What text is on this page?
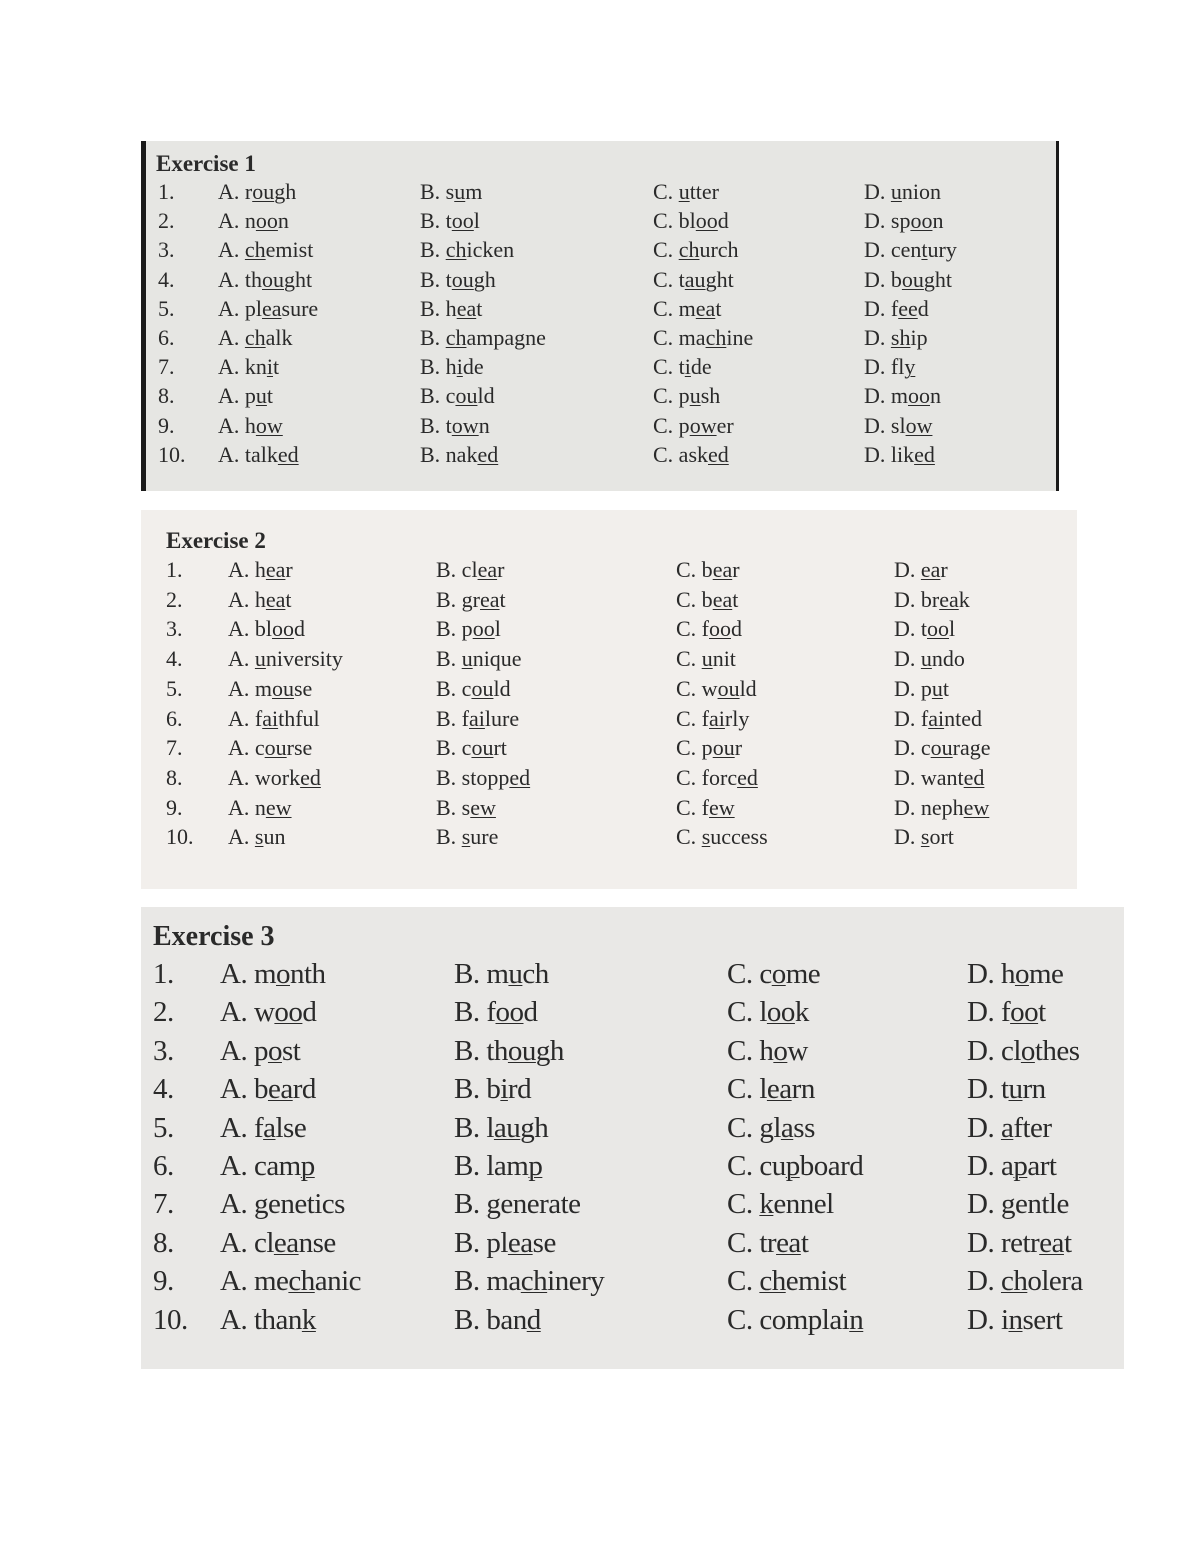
Exercise 1
1. A. rough	B. sum	C. utter	D. union
2. A. noon	B. tool	C. blood	D. spoon
3. A. chemist	B. chicken	C. church	D. century
4. A. thought	B. tough	C. taught	D. bought
5. A. pleasure	B. heat	C. meat	D. feed
6. A. chalk	B. champagne	C. machine	D. ship
7. A. knit	B. hide	C. tide	D. fly
8. A. put	B. could	C. push	D. moon
9. A. how	B. town	C. power	D. slow
10. A. talked	B. naked	C. asked	D. liked
Exercise 2
1. A. hear	B. clear	C. bear	D. ear
2. A. heat	B. great	C. beat	D. break
3. A. blood	B. pool	C. food	D. tool
4. A. university	B. unique	C. unit	D. undo
5. A. mouse	B. could	C. would	D. put
6. A. faithful	B. failure	C. fairly	D. fainted
7. A. course	B. court	C. pour	D. courage
8. A. worked	B. stopped	C. forced	D. wanted
9. A. new	B. sew	C. few	D. nephew
10. A. sun	B. sure	C. success	D. sort
Exercise 3
1. A. month	B. much	C. come	D. home
2. A. wood	B. food	C. look	D. foot
3. A. post	B. though	C. how	D. clothes
4. A. beard	B. bird	C. learn	D. turn
5. A. false	B. laugh	C. glass	D. after
6. A. camp	B. lamp	C. cupboard	D. apart
7. A. genetics	B. generate	C. kennel	D. gentle
8. A. cleanse	B. please	C. treat	D. retreat
9. A. mechanic	B. machinery	C. chemist	D. cholera
10. A. thank	B. band	C. complain	D. insert
